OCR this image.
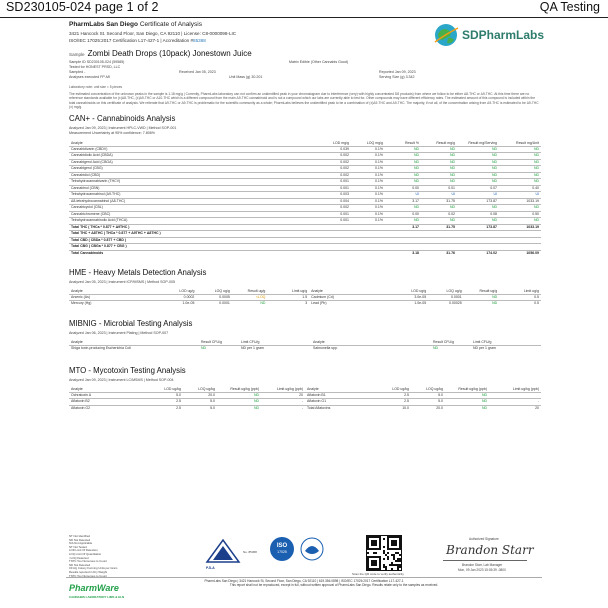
SD230105-024 page 1 of 2	QA Testing
PharmLabs San Diego Certificate of Analysis
3421 Hancock St. Second Floor, San Diego, CA 92110 | License: C8-0000098-LIC
ISO/IEC 17025:2017 Certification L17-427-1 | Accreditation #85368	SDPharmLabs
Sample Zombi Death Drops (10pack) Jonestown Juice
Sample ID SD230105-024 (59585)	Matrix Edible (Other Cannabis Good)
Tested for HONEST PRSD, LLC
Sampled -	Received Jan 05, 2023	Reported Jan 09, 2023
Analyses executed FP-MI	Unit Mass (g) 30.201	Serving Size (g) 3.342
Laboratory note: unit size = 5 pieces
The estimated concentration of the unknown peaks in the sample is 1.18 mg/g | Currently, PharmLabs laboratory can not confirm an unidentified peak in your chromatogram due to interference (very) with highly concentrated D8 products) from where we follow to be either Δ8-THC or Δ9-THC. At this time there are no reference standards available for (±)Δ8-THC, (±)Δ9-THC or Δ10-THC which is a different compound from the main Δ9-THC cannabinoid and is not a compound which our labs are currently able to test for. Other compounds may have different efficiency rates. The estimated amount of this compound is included within the total cannabinoids on this certificate of analysis. We reiterate that Δ9-THC or Δ9-THC is problematic for the scientific community as a whole; PharmLabs believes the unidentified peak to be a combination of (±)Δ9-THC and Δ9-THC. The majority, if not all, of the concentration arising from Δ9-THC is estimated to be Δ9-THC (±) mg/g.
CAN+ - Cannabinoids Analysis
Analyzed Jan 09, 2023 | Instrument HPLC-VWD | Method SOP-001
Measurement Uncertainty at 95% confidence: 7.806%
Analyte	LOD mg/g	LOQ mg/g	Result %	Result mg/g	Result mg/Serving	Result mg/Unit
Cannabidivarin (CBDV)	0.039	0.1%	ND	ND	ND	ND
Cannabidiolic Acid (CBDA)	0.002	0.1%	ND	ND	ND	ND
Cannabigerol Acid (CBGA)	0.002	0.1%	ND	ND	ND	ND
Cannabigerol (CBG)	0.002	0.1%	ND	ND	ND	ND
Cannabidiol (CBD)	0.002	0.1%	ND	ND	ND	ND
Tetrahydrocannabivarin (THCV)	0.001	0.1%	ND	ND	ND	ND
Cannabinol (CBN)	0.001	0.1%	0.00	0.01	0.07	0.40
Tetrahydrocannabinol (Δ9-THC)	0.003	0.1%	UI	UI	UI	UI
Δ8-tetrahydrocannabinol (Δ8-THC)	0.004	0.1%	3.17	31.75	173.87	1033.19
Cannabicyclol (CBL)	0.002	0.1%	ND	ND	ND	ND
Cannabichromene (CBC)	0.001	0.1%	0.00	0.02	0.08	0.50
Tetrahydrocannabinolic Acid (THCA)	0.001	0.1%	ND	ND	ND	ND
Total THC ( THCa * 0.877 + Δ9THC )			3.17	31.75	173.87	1033.19
Total THC + Δ8THC ( THCa * 0.877 + Δ9THC + Δ8THC )						
Total CBD ( CBDa * 0.877 + CBD )						
Total CBG ( CBGa * 0.877 + CBG )						
Total Cannabinoids			3.18	31.76	174.02	1056.09
HME - Heavy Metals Detection Analysis
Analyzed Jan 05, 2023 | Instrument ICP/MSMS | Method SOP-005
Analyte	LOD ug/g	LOQ ug/g	Result ug/g	Limit ug/g	Analyte	LOD ug/g	LOQ ug/g	Result ug/g	Limit ug/g
Arsenic (As)	0.0002	0.0005	<LOQ	1.5	Cadmium (Cd)	3.0e-05	0.0001	ND	0.5
Mercury (Hg)	1.0e-05	0.0001	ND	3	Lead (Pb)	1.0e-05	0.00025	ND	0.5
MIBNIG - Microbial Testing Analysis
Analyzed Jan 06, 2023 | Instrument Plating | Method SOP-007
Analyte	Result CFU/g	Limit CFU/g	Analyte	Result CFU/g	Limit CFU/g
Shiga toxin-producing Escherichia Coli	ND	ND per 1 gram	Salmonella spp.	ND	ND per 1 gram
MTO - Mycotoxin Testing Analysis
Analyzed Jan 09, 2023 | Instrument LC/MSMS | Method SOP-004
Analyte	LOD ug/kg	LOQ ug/kg	Result ug/kg (ppb)	Limit ug/kg (ppb)	Analyte	LOD ug/kg	LOQ ug/kg	Result ug/kg (ppb)	Limit ug/kg (ppb)
Ochratoxin A	5.0	20.0	ND	20	Aflatoxin B1	2.5	5.0	ND	
Aflatoxin B2	2.5	5.0	ND	-	Aflatoxin G1	2.5	5.0	ND	-
Aflatoxin G2	2.5	5.0	ND	-	Total Aflatoxins	10.0	20.0	ND	20
NT Not Identified
ND Not Detected
N/A Not Applicable
NT Not Tested
LOD Limit Of Detection
LOQ Limit Of Quantitation
<LOQ Detected
TNTC Too Numerous to Count
ND Not Detected
CFU/g Colony Forming Units per Gram
Results reported in Dry Weight
TNTC Too Numerous to Count
No. 85368
PJLA
ISO
17025
Scan the QR code to verify authenticity
Authorized Signature
Brandon Starr
Brandon Starr, Lab Manager
Mon, 09 Jan 2023 15:05:39 -0800
PharmLabs San Diego | 3421 Hancock St, Second Floor, San Diego, CA 92110 | 619.356.0898 | ISO/IEC 17025:2017 Certification L17-427-1
This report shall not be reproduced, except in full, without written approval of PharmLabs San Diego. Results relate only to the samples as received.
PharmWare
CANNABIS LABORATORY LIMS & ELN
